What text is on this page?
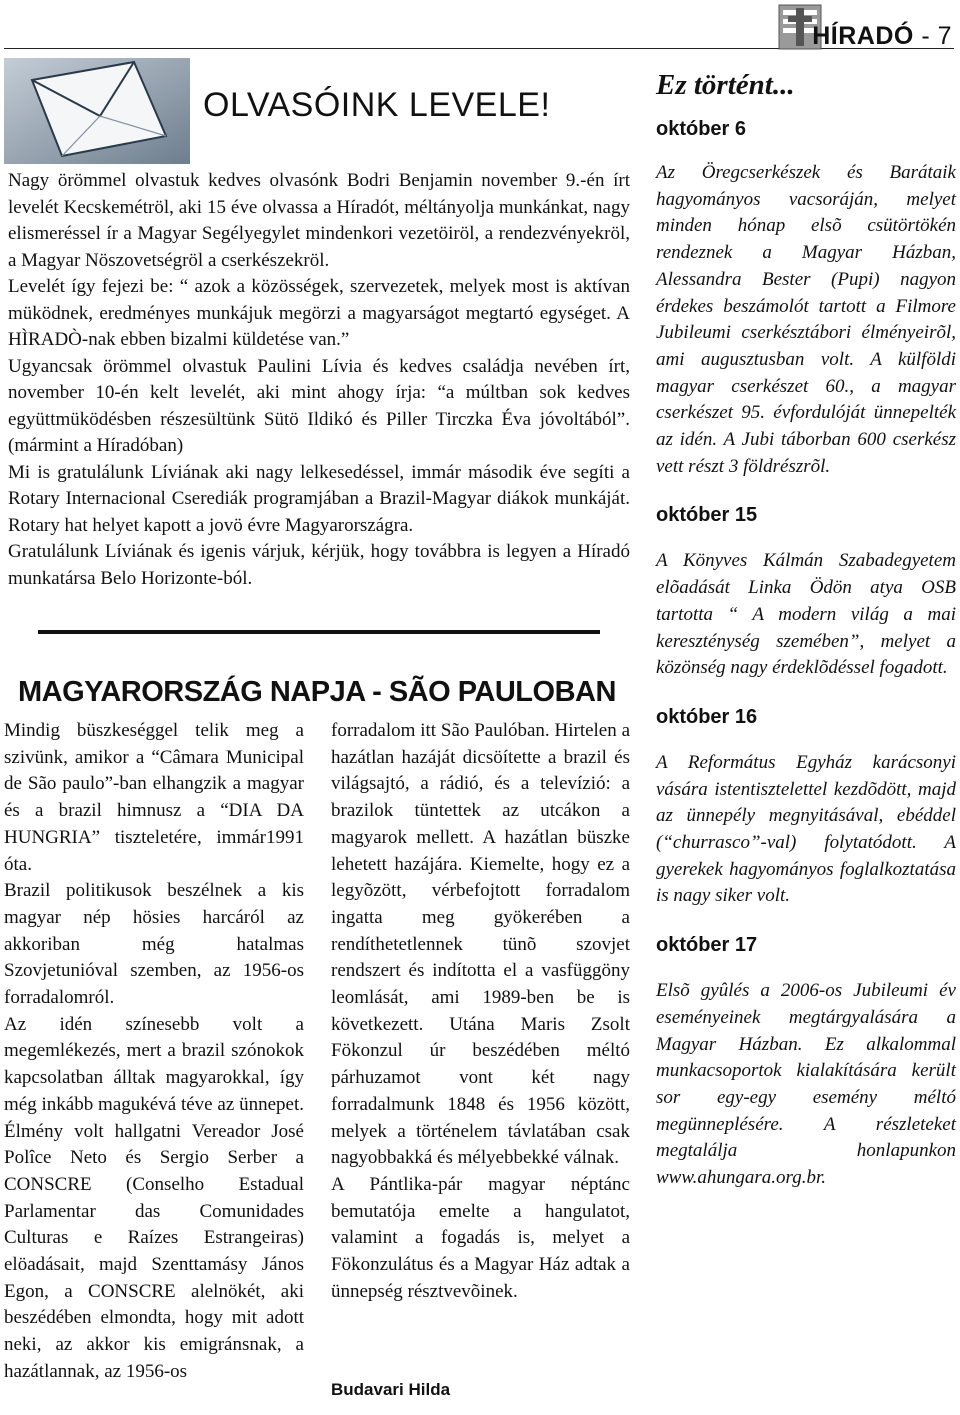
HÍRADÓ - 7
OLVASÓINK LEVELE!

Nagy örömmel olvastuk kedves olvasónk Bodri Benjamin november 9.-én írt levelét Kecskemétröl, aki 15 éve olvassa a Híradót, méltányolja munkánkat, nagy elismeréssel ír a Magyar Segélyegylet mindenkori vezetöiröl, a rendezvényekröl, a Magyar Nöszovetségröl a cserkészekröl.

Levelét így fejezi be: “ azok a közösségek, szervezetek, melyek most is aktívan müködnek, eredményes munkájuk megörzi a magyarságot megtartó egységet. A HÌRADÒ-nak ebben bizalmi küldetése van.”

Ugyancsak örömmel olvastuk Paulini Lívia és kedves családja nevében írt, november 10-én kelt levelét, aki mint ahogy írja: “a múltban sok kedves együttmüködésben részesültünk Sütö Ildikó és Piller Tirczka Éva jóvoltából”. (mármint a Híradóban)

Mi is gratulálunk Líviának aki nagy lelkesedéssel, immár második éve segíti a Rotary Internacional Cserediák programjában a Brazil-Magyar diákok munkáját. Rotary hat helyet kapott a jovö évre Magyarországra.

Gratulálunk Líviának és igenis várjuk, kérjük, hogy továbbra is legyen a Híradó munkatársa Belo Horizonte-ból.

MAGYARORSZÁG NAPJA - SÃO PAULOBAN

Mindig büszkeséggel telik meg a szivünk, amikor a “Câmara Municipal de São paulo”-ban elhangzik a magyar és a brazil himnusz a “DIA DA HUNGRIA” tiszteletére, immár1991 óta.

Brazil politikusok beszélnek a kis magyar nép hösies harcáról az akkoriban még hatalmas Szovjetunióval szemben, az 1956-os forradalomról.

Az idén színesebb volt a megemlékezés, mert a brazil szónokok kapcsolatban álltak magyarokkal, így még inkább magukévá téve az ünnepet. Élmény volt hallgatni Vereador José Polîce Neto és Sergio Serber a CONSCRE (Conselho Estadual Parlamentar das Comunidades Culturas e Raízes Estrangeiras) elöadásait, majd Szenttamásy János Egon, a CONSCRE alelnökét, aki beszédében elmondta, hogy mit adott neki, az akkor kis emigránsnak, a hazátlannak, az 1956-os

forradalom itt São Paulóban. Hirtelen a hazátlan hazáját dicsöítette a brazil és világsajtó, a rádió, és a televízió: a brazilok tüntettek az utcákon a magyarok mellett. A hazátlan büszke lehetett hazájára. Kiemelte, hogy ez a legyõzött, vérbefojtott forradalom ingatta meg gyökerében a rendíthetetlennek tünõ szovjet rendszert és indította el a vasfüggöny leomlását, ami 1989-ben be is következett. Utána Maris Zsolt Fökonzul úr beszédében méltó párhuzamot vont két nagy forradalmunk 1848 és 1956 között, melyek a történelem távlatában csak nagyobbakká és mélyebbekké válnak.

A Pántlika-pár magyar néptánc bemutatója emelte a hangulatot, valamint a fogadás is, melyet a Fökonzulátus és a Magyar Ház adtak a ünnepség résztvevõinek.

Budavari Hilda

Ez történt...

október 6

Az Öregcserkészek és Barátaik hagyományos vacsoráján, melyet minden hónap elsõ csütörtökén rendeznek a Magyar Házban, Alessandra Bester (Pupi) nagyon érdekes beszámolót tartott a Filmore Jubileumi cserkésztábori élményeirõl, ami augusztusban volt. A külföldi magyar cserkészet 60., a magyar cserkészet 95. évfordulóját ünnepelték az idén. A Jubi táborban 600 cserkész vett részt 3 földrészrõl.

október 15

A Könyves Kálmán Szabadegyetem elõadását Linka Ödön atya OSB tartotta “ A modern világ a mai kereszténység szemében”, melyet a közönség nagy érdeklõdéssel fogadott.

október 16

A Református Egyház karácsonyi vására istentisztelettel kezdõdött, majd az ünnepély megnyitásával, ebéddel (“churrasco”-val) folytatódott. A gyerekek hagyományos foglalkoztatása is nagy siker volt.

október 17

Elsõ gyûlés a 2006-os Jubileumi év eseményeinek megtárgyalására a Magyar Házban. Ez alkalommal munkacsoportok kialakítására került sor egy-egy esemény méltó megünneplésére. A részleteket megtalálja honlapunkon www.ahungara.org.br.
